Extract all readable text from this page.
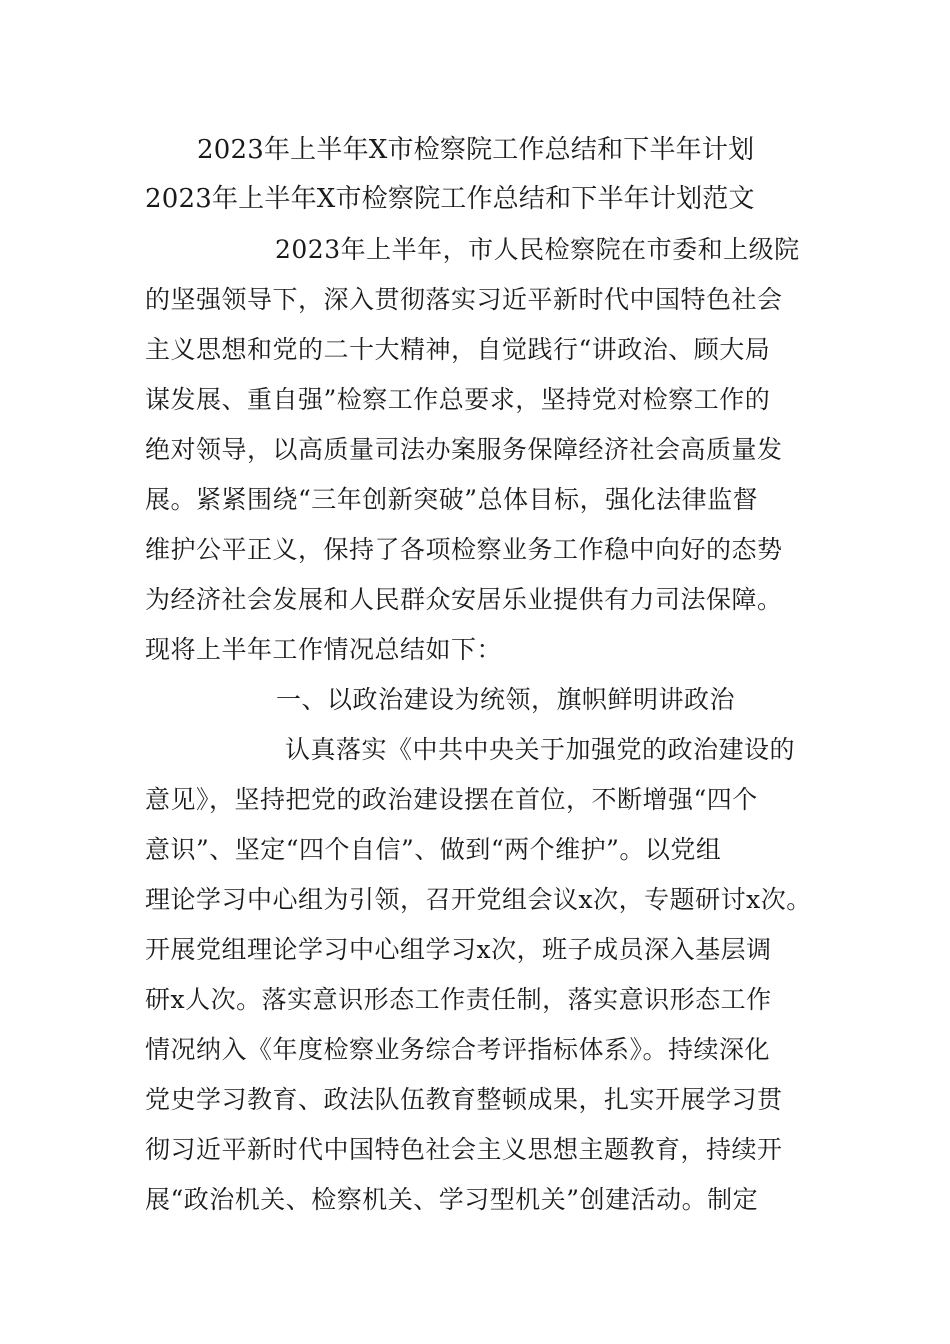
2023年上半年X市检察院工作总结和下半年计划
2023年上半年X市检察院工作总结和下半年计划范文
2023年上半年，市人民检察院在市委和上级院
的坚强领导下，深入贯彻落实习近平新时代中国特色社会
主义思想和党的二十大精神，自觉践行“讲政治、顾大局
谋发展、重自强”检察工作总要求，坚持党对检察工作的
绝对领导，以高质量司法办案服务保障经济社会高质量发
展。紧紧围绕“三年创新突破”总体目标，强化法律监督
维护公平正义，保持了各项检察业务工作稳中向好的态势
为经济社会发展和人民群众安居乐业提供有力司法保障。
现将上半年工作情况总结如下：
一、以政治建设为统领，旗帜鲜明讲政治
认真落实《中共中央关于加强党的政治建设的
意见》，坚持把党的政治建设摆在首位，不断增强“四个
意识”、坚定“四个自信”、做到“两个维护”。以党组
理论学习中心组为引领，召开党组会议x次，专题研讨x次。
开展党组理论学习中心组学习x次，班子成员深入基层调
研x人次。落实意识形态工作责任制，落实意识形态工作
情况纳入《年度检察业务综合考评指标体系》。持续深化
党史学习教育、政法队伍教育整顿成果，扎实开展学习贯
彻习近平新时代中国特色社会主义思想主题教育，持续开
展“政治机关、检察机关、学习型机关”创建活动。制定
